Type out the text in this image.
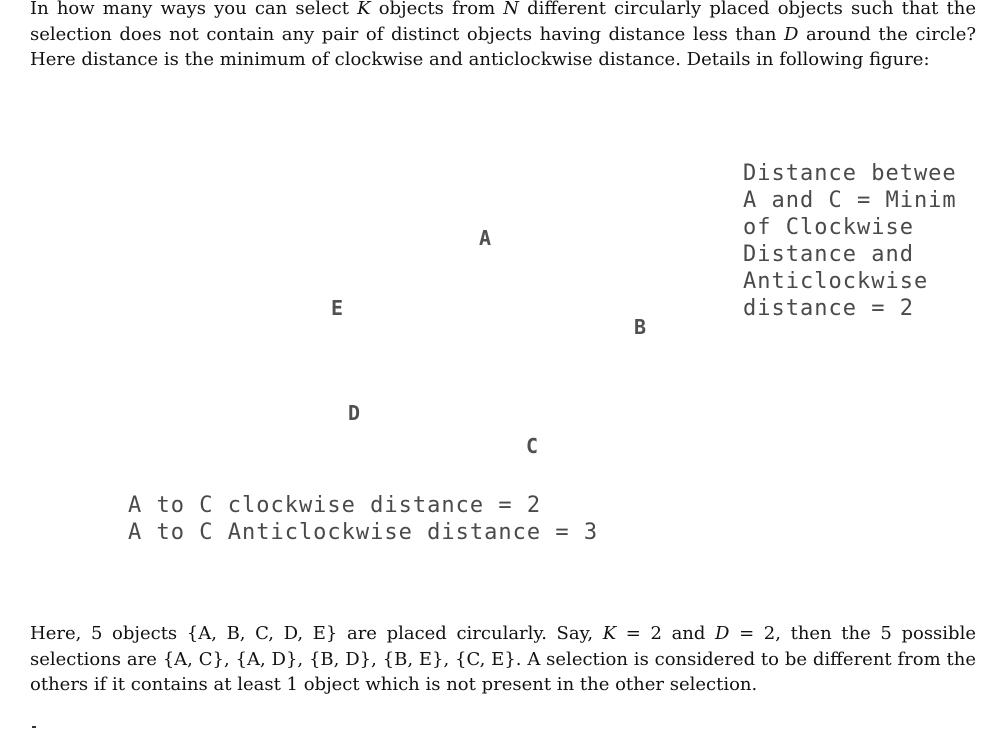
In how many ways you can select K objects from N different circularly placed objects such that the selection does not contain any pair of distinct objects having distance less than D around the circle? Here distance is the minimum of clockwise and anticlockwise distance. Details in following figure:

A
B
C
D
E
Distance betwee
A and C = Minim
of Clockwise
Distance and
Anticlockwise
distance = 2
A to C clockwise distance = 2
A to C Anticlockwise distance = 3

Here, 5 objects {A, B, C, D, E} are placed circularly. Say, K = 2 and D = 2, then the 5 possible selections are {A, C}, {A, D}, {B, D}, {B, E}, {C, E}. A selection is considered to be different from the others if it contains at least 1 object which is not present in the other selection.
